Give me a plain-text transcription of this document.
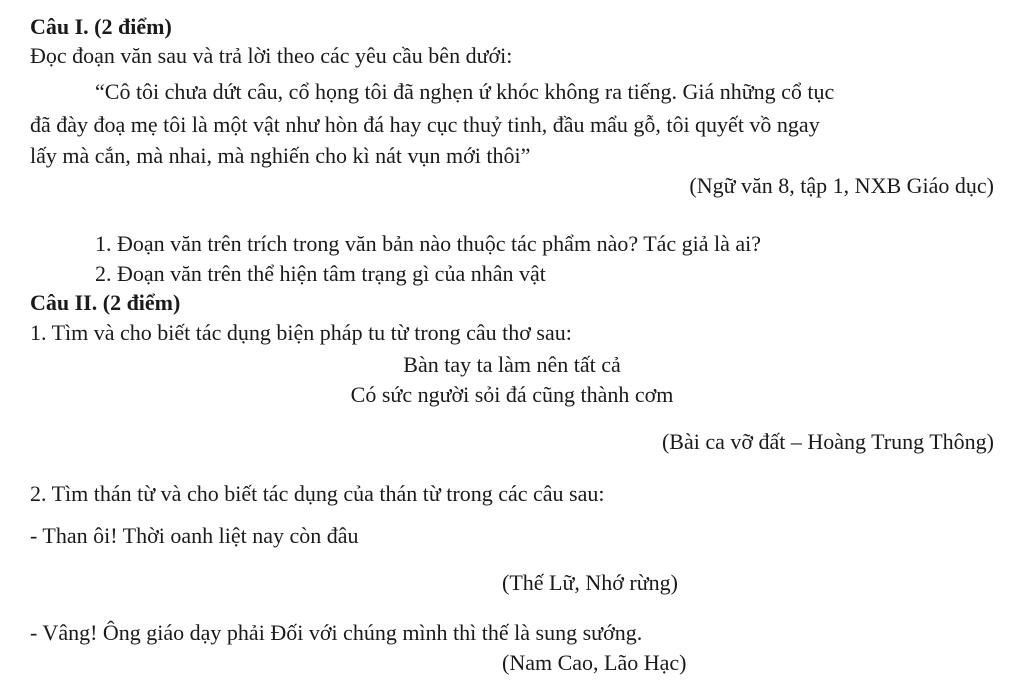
Câu I. (2 điểm)
Đọc đoạn văn sau và trả lời theo các yêu cầu bên dưới:
“Cô tôi chưa dứt câu, cổ họng tôi đã nghẹn ứ khóc không ra tiếng. Giá những cổ tục
đã đày đoạ mẹ tôi là một vật như hòn đá hay cục thuỷ tinh, đầu mẩu gỗ, tôi quyết vồ ngay
lấy mà cắn, mà nhai, mà nghiến cho kì nát vụn mới thôi”
(Ngữ văn 8, tập 1, NXB Giáo dục)
1. Đoạn văn trên trích trong văn bản nào thuộc tác phẩm nào? Tác giả là ai?
2. Đoạn văn trên thể hiện tâm trạng gì của nhân vật
Câu II. (2 điểm)
1. Tìm và cho biết tác dụng biện pháp tu từ trong câu thơ sau:
Bàn tay ta làm nên tất cả
Có sức người sỏi đá cũng thành cơm
(Bài ca vỡ đất – Hoàng Trung Thông)
2. Tìm thán từ và cho biết tác dụng của thán từ trong các câu sau:
- Than ôi! Thời oanh liệt nay còn đâu
(Thế Lữ, Nhớ rừng)
- Vâng! Ông giáo dạy phải Đối với chúng mình thì thế là sung sướng.
(Nam Cao, Lão Hạc)
